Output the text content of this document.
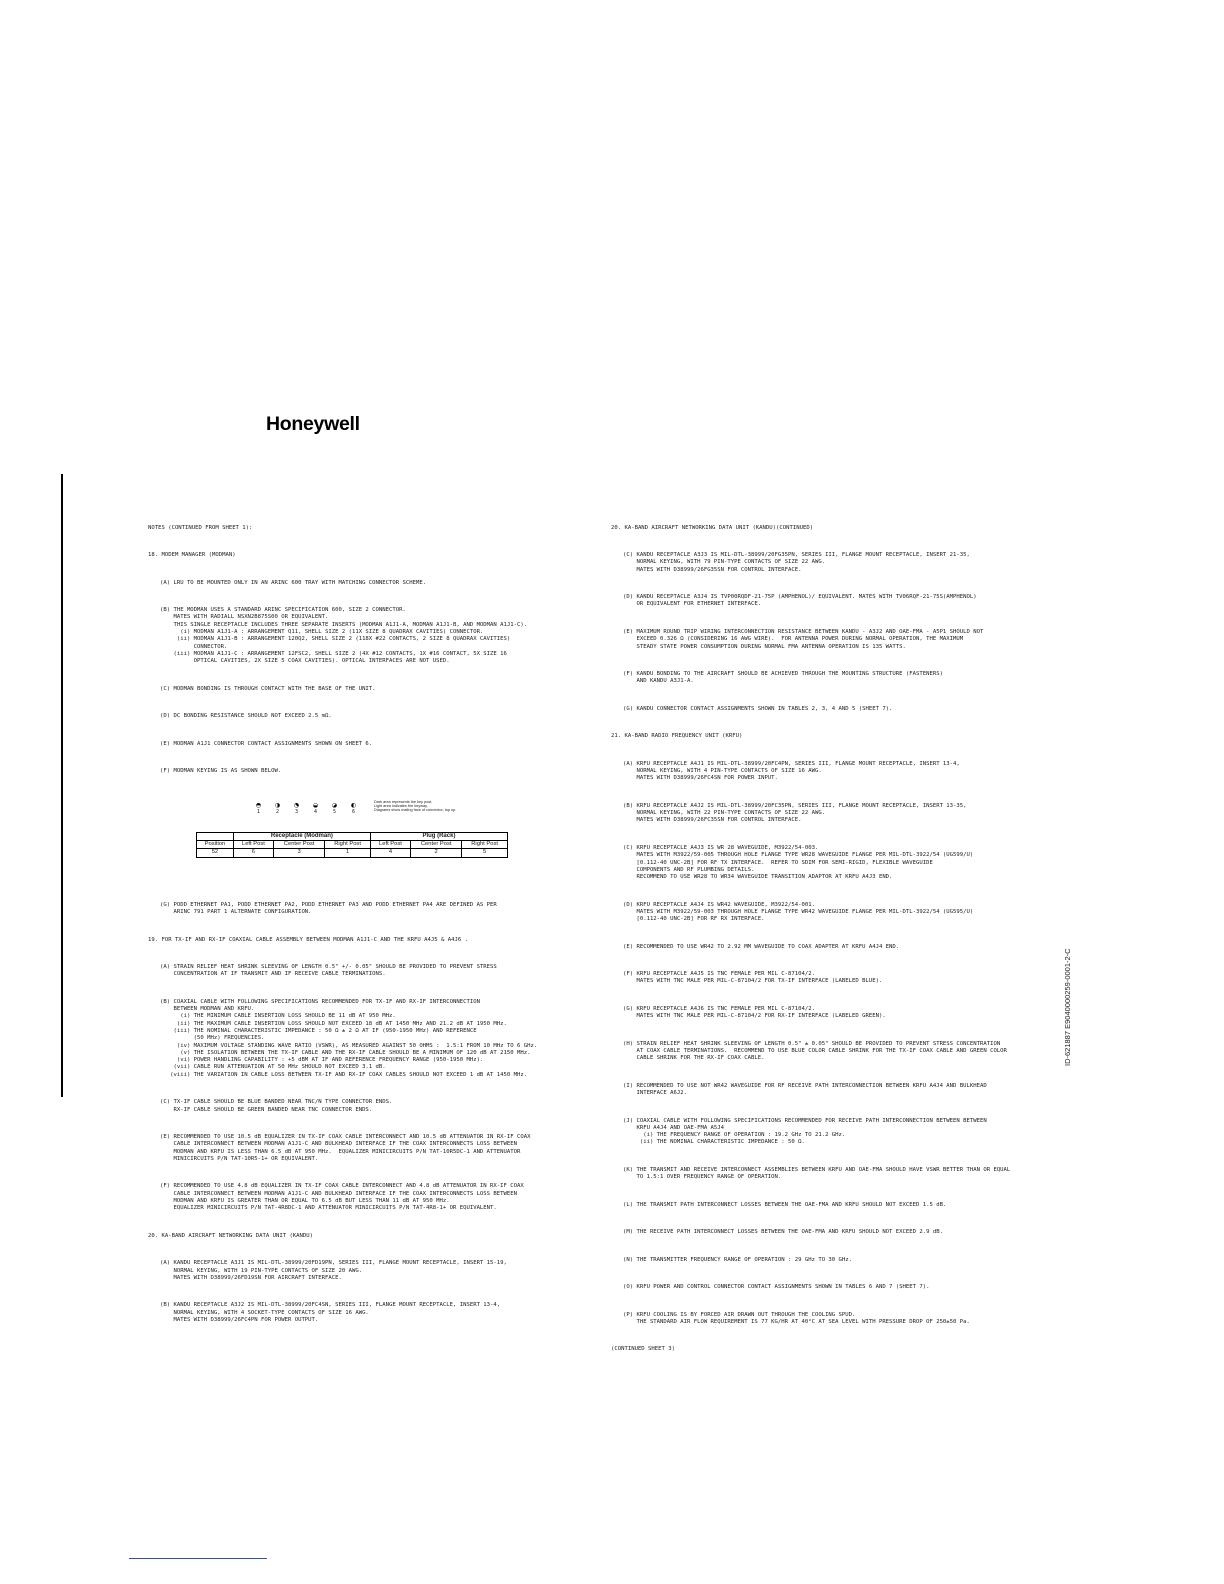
Honeywell

NOTES (CONTINUED FROM SHEET 1):

18. MODEM MANAGER (MODMAN)

(A) LRU TO BE MOUNTED ONLY IN AN ARINC 600 TRAY WITH MATCHING CONNECTOR SCHEME.

(B) THE MODMAN USES A STANDARD ARINC SPECIFICATION 600, SIZE 2 CONNECTOR.
MATES WITH RADIALL NSXN2B875S00 OR EQUIVALENT.
THIS SINGLE RECEPTACLE INCLUDES THREE SEPARATE INSERTS (MODMAN A1J1-A, MODMAN A1J1-B, AND MODMAN A1J1-C).
(i) MODMAN A1J1-A : ARRANGEMENT Q11, SHELL SIZE 2 (11X SIZE 8 QUADRAX CAVITIES) CONNECTOR.
(ii) MODMAN A1J1-B : ARRANGEMENT 120Q2, SHELL SIZE 2 (118X #22 CONTACTS, 2 SIZE 8 QUADRAX CAVITIES)
CONNECTOR.
(iii) MODMAN A1J1-C : ARRANGEMENT 12FSC2, SHELL SIZE 2 (4X #12 CONTACTS, 1X #16 CONTACT, 5X SIZE 16
OPTICAL CAVITIES, 2X SIZE 5 COAX CAVITIES). OPTICAL INTERFACES ARE NOT USED.

(C) MODMAN BONDING IS THROUGH CONTACT WITH THE BASE OF THE UNIT.

(D) DC BONDING RESISTANCE SHOULD NOT EXCEED 2.5 mΩ.

(E) MODMAN A1J1 CONNECTOR CONTACT ASSIGNMENTS SHOWN ON SHEET 6.

(F) MODMAN KEYING IS AS SHOWN BELOW.

1	2	3	4	5	6

Dark area represents the key post.
Light area indicates the keyway.
Diagrams show mating face of connector, top up.

	Receptacle (Modman)			Plug (Rack)		
Position	Left Post	Center Post	Right Post	Left Post	Center Post	Right Post
52	6	3	1	4	2	5

(G) PODD ETHERNET PA1, PODD ETHERNET PA2, PODD ETHERNET PA3 AND PODD ETHERNET PA4 ARE DEFINED AS PER
ARINC 791 PART 1 ALTERNATE CONFIGURATION.

19. FOR TX-IF AND RX-IF COAXIAL CABLE ASSEMBLY BETWEEN MODMAN A1J1-C AND THE KRFU A4J5 & A4J6 .

(A) STRAIN RELIEF HEAT SHRINK SLEEVING OF LENGTH 0.5" +/- 0.05" SHOULD BE PROVIDED TO PREVENT STRESS
CONCENTRATION AT IF TRANSMIT AND IF RECEIVE CABLE TERMINATIONS.

(B) COAXIAL CABLE WITH FOLLOWING SPECIFICATIONS RECOMMENDED FOR TX-IF AND RX-IF INTERCONNECTION
BETWEEN MODMAN AND KRFU.
(i) THE MINIMUM CABLE INSERTION LOSS SHOULD BE 11 dB AT 950 MHz.
(ii) THE MAXIMUM CABLE INSERTION LOSS SHOULD NOT EXCEED 18 dB AT 1450 MHz AND 21.2 dB AT 1950 MHz.
(iii) THE NOMINAL CHARACTERISTIC IMPEDANCE : 50 Ω ± 2 Ω AT IF (950-1950 MHz) AND REFERENCE
(50 MHz) FREQUENCIES.
(iv) MAXIMUM VOLTAGE STANDING WAVE RATIO (VSWR), AS MEASURED AGAINST 50 OHMS :  1.5:1 FROM 10 MHz TO 6 GHz.
(v) THE ISOLATION BETWEEN THE TX-IF CABLE AND THE RX-IF CABLE SHOULD BE A MINIMUM OF 120 dB AT 2150 MHz.
(vi) POWER HANDLING CAPABILITY : +5 dBM AT IF AND REFERENCE FREQUENCY RANGE (950-1950 MHz).
(vii) CABLE RUN ATTENUATION AT 50 MHz SHOULD NOT EXCEED 3.1 dB.
(viii) THE VARIATION IN CABLE LOSS BETWEEN TX-IF AND RX-IF COAX CABLES SHOULD NOT EXCEED 1 dB AT 1450 MHz.

(C) TX-IF CABLE SHOULD BE BLUE BANDED NEAR TNC/N TYPE CONNECTOR ENDS.
RX-IF CABLE SHOULD BE GREEN BANDED NEAR TNC CONNECTOR ENDS.

(E) RECOMMENDED TO USE 10.5 dB EQUALIZER IN TX-IF COAX CABLE INTERCONNECT AND 10.5 dB ATTENUATOR IN RX-IF COAX
CABLE INTERCONNECT BETWEEN MODMAN A1J1-C AND BULKHEAD INTERFACE IF THE COAX INTERCONNECTS LOSS BETWEEN
MODMAN AND KRFU IS LESS THAN 6.5 dB AT 950 MHz.  EQUALIZER MINICIRCUITS P/N TAT-10R5DC-1 AND ATTENUATOR
MINICIRCUITS P/N TAT-10R5-1+ OR EQUIVALENT.

(F) RECOMMENDED TO USE 4.8 dB EQUALIZER IN TX-IF COAX CABLE INTERCONNECT AND 4.8 dB ATTENUATOR IN RX-IF COAX
CABLE INTERCONNECT BETWEEN MODMAN A1J1-C AND BULKHEAD INTERFACE IF THE COAX INTERCONNECTS LOSS BETWEEN
MODMAN AND KRFU IS GREATER THAN OR EQUAL TO 6.5 dB BUT LESS THAN 11 dB AT 950 MHz.
EQUALIZER MINICIRCUITS P/N TAT-4R8DC-1 AND ATTENUATOR MINICIRCUITS P/N TAT-4R8-1+ OR EQUIVALENT.

20. KA-BAND AIRCRAFT NETWORKING DATA UNIT (KANDU)

(A) KANDU RECEPTACLE A3J1 IS MIL-DTL-38999/20FD19PN, SERIES III, FLANGE MOUNT RECEPTACLE, INSERT 15-19,
NORMAL KEYING, WITH 19 PIN-TYPE CONTACTS OF SIZE 20 AWG.
MATES WITH D38999/26FD19SN FOR AIRCRAFT INTERFACE.

(B) KANDU RECEPTACLE A3J2 IS MIL-DTL-38999/20FC4SN, SERIES III, FLANGE MOUNT RECEPTACLE, INSERT 13-4,
NORMAL KEYING, WITH 4 SOCKET-TYPE CONTACTS OF SIZE 16 AWG.
MATES WITH D38999/26FC4PN FOR POWER OUTPUT.

20. KA-BAND AIRCRAFT NETWORKING DATA UNIT (KANDU)(CONTINUED)

(C) KANDU RECEPTACLE A3J3 IS MIL-DTL-38999/20FG35PN, SERIES III, FLANGE MOUNT RECEPTACLE, INSERT 21-35,
NORMAL KEYING, WITH 79 PIN-TYPE CONTACTS OF SIZE 22 AWG.
MATES WITH D38999/26FG35SN FOR CONTROL INTERFACE.

(D) KANDU RECEPTACLE A3J4 IS TVP00RQDF-21-75P (AMPHENOL)/ EQUIVALENT. MATES WITH TV06RQF-21-75S(AMPHENOL)
OR EQUIVALENT FOR ETHERNET INTERFACE.

(E) MAXIMUM ROUND TRIP WIRING INTERCONNECTION RESISTANCE BETWEEN KANDU - A3J2 AND OAE-FMA - A5P1 SHOULD NOT
EXCEED 0.326 Ω (CONSIDERING 16 AWG WIRE).  FOR ANTENNA POWER DURING NORMAL OPERATION, THE MAXIMUM
STEADY STATE POWER CONSUMPTION DURING NORMAL FMA ANTENNA OPERATION IS 135 WATTS.

(F) KANDU BONDING TO THE AIRCRAFT SHOULD BE ACHIEVED THROUGH THE MOUNTING STRUCTURE (FASTENERS)
AND KANDU A3J1-A.

(G) KANDU CONNECTOR CONTACT ASSIGNMENTS SHOWN IN TABLES 2, 3, 4 AND 5 (SHEET 7).

21. KA-BAND RADIO FREQUENCY UNIT (KRFU)

(A) KRFU RECEPTACLE A4J1 IS MIL-DTL-38999/20FC4PN, SERIES III, FLANGE MOUNT RECEPTACLE, INSERT 13-4,
NORMAL KEYING, WITH 4 PIN-TYPE CONTACTS OF SIZE 16 AWG.
MATES WITH D38999/26FC4SN FOR POWER INPUT.

(B) KRFU RECEPTACLE A4J2 IS MIL-DTL-38999/20FC35PN, SERIES III, FLANGE MOUNT RECEPTACLE, INSERT 13-35,
NORMAL KEYING, WITH 22 PIN-TYPE CONTACTS OF SIZE 22 AWG.
MATES WITH D38999/26FC35SN FOR CONTROL INTERFACE.

(C) KRFU RECEPTACLE A4J3 IS WR 28 WAVEGUIDE, M3922/54-003.
MATES WITH M3922/59-005 THROUGH HOLE FLANGE TYPE WR28 WAVEGUIDE FLANGE PER MIL-DTL-3922/54 (UG599/U)
[0.112-40 UNC-2B] FOR RF TX INTERFACE.  REFER TO SDIM FOR SEMI-RIGID, FLEXIBLE WAVEGUIDE
COMPONENTS AND RF PLUMBING DETAILS.
RECOMMEND TO USE WR28 TO WR34 WAVEGUIDE TRANSITION ADAPTOR AT KRFU A4J3 END.

(D) KRFU RECEPTACLE A4J4 IS WR42 WAVEGUIDE, M3922/54-001.
MATES WITH M3922/59-003 THROUGH HOLE FLANGE TYPE WR42 WAVEGUIDE FLANGE PER MIL-DTL-3922/54 (UG595/U)
[0.112-40 UNC-2B] FOR RF RX INTERFACE.

(E) RECOMMENDED TO USE WR42 TO 2.92 MM WAVEGUIDE TO COAX ADAPTER AT KRFU A4J4 END.

(F) KRFU RECEPTACLE A4J5 IS TNC FEMALE PER MIL C-87104/2.
MATES WITH TNC MALE PER MIL-C-87104/2 FOR TX-IF INTERFACE (LABELED BLUE).

(G) KRFU RECEPTACLE A4J6 IS TNC FEMALE PER MIL C-87104/2.
MATES WITH TNC MALE PER MIL-C-87104/2 FOR RX-IF INTERFACE (LABELED GREEN).

(H) STRAIN RELIEF HEAT SHRINK SLEEVING OF LENGTH 0.5" ± 0.05" SHOULD BE PROVIDED TO PREVENT STRESS CONCENTRATION
AT COAX CABLE TERMINATIONS.  RECOMMEND TO USE BLUE COLOR CABLE SHRINK FOR THE TX-IF COAX CABLE AND GREEN COLOR
CABLE SHRINK FOR THE RX-IF COAX CABLE.

(I) RECOMMENDED TO USE NOT WR42 WAVEGUIDE FOR RF RECEIVE PATH INTERCONNECTION BETWEEN KRFU A4J4 AND BULKHEAD
INTERFACE A6J2.

(J) COAXIAL CABLE WITH FOLLOWING SPECIFICATIONS RECOMMENDED FOR RECEIVE PATH INTERCONNECTION BETWEEN BETWEEN
KRFU A4J4 AND OAE-FMA A5J4
(i) THE FREQUENCY RANGE OF OPERATION : 19.2 GHz TO 21.2 GHz.
(ii) THE NOMINAL CHARACTERISTIC IMPEDANCE : 50 Ω.

(K) THE TRANSMIT AND RECEIVE INTERCONNECT ASSEMBLIES BETWEEN KRFU AND OAE-FMA SHOULD HAVE VSWR BETTER THAN OR EQUAL
TO 1.5:1 OVER FREQUENCY RANGE OF OPERATION.

(L) THE TRANSMIT PATH INTERCONNECT LOSSES BETWEEN THE OAE-FMA AND KRFU SHOULD NOT EXCEED 1.5 dB.

(M) THE RECEIVE PATH INTERCONNECT LOSSES BETWEEN THE OAE-FMA AND KRFU SHOULD NOT EXCEED 2.9 dB.

(N) THE TRANSMITTER FREQUENCY RANGE OF OPERATION : 29 GHz TO 30 GHz.

(O) KRFU POWER AND CONTROL CONNECTOR CONTACT ASSIGNMENTS SHOWN IN TABLES 6 AND 7 (SHEET 7).

(P) KRFU COOLING IS BY FORCED AIR DRAWN OUT THROUGH THE COOLING SPUD.
THE STANDARD AIR FLOW REQUIREMENT IS 77 KG/HR AT 40°C AT SEA LEVEL WITH PRESSURE DROP OF 250±50 Pa.

(CONTINUED SHEET 3)

ID-621887 E9040000259-0001-2-C
